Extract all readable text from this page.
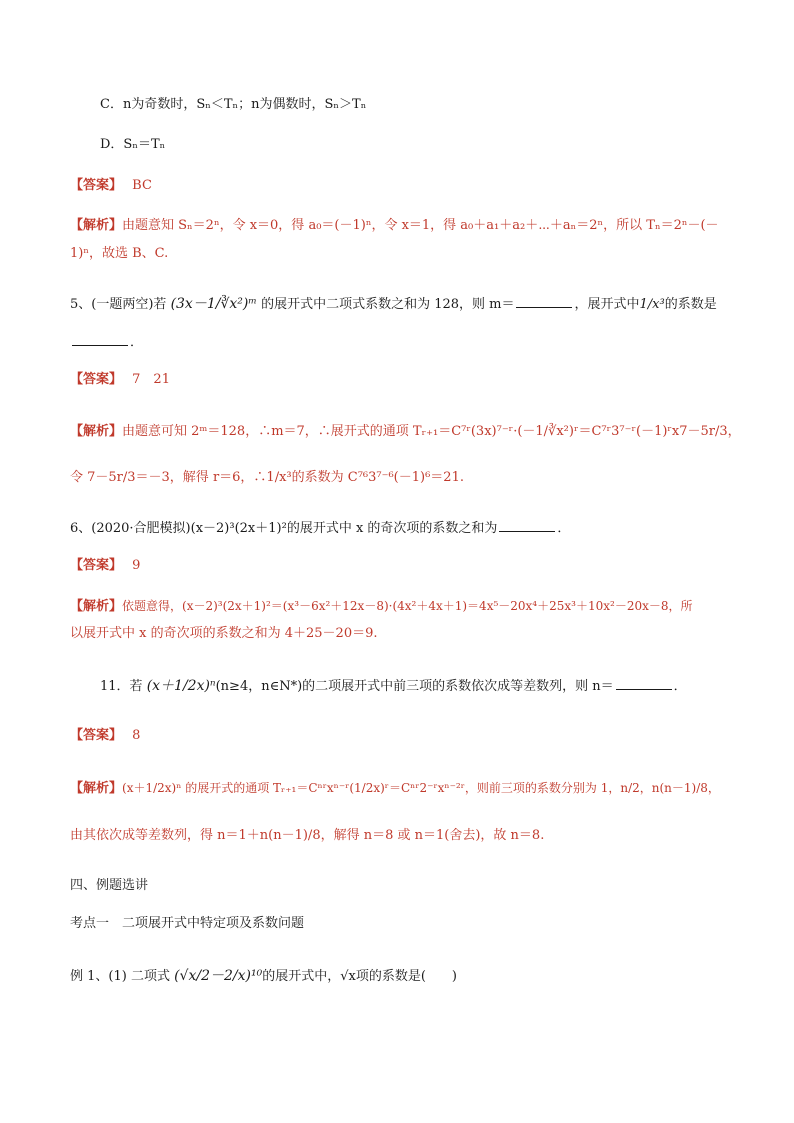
C．n为奇数时，Sₙ＜Tₙ；n为偶数时，Sₙ＞Tₙ
D．Sₙ＝Tₙ
【答案】 BC
【解析】由题意知 Sₙ＝2ⁿ，令 x＝0，得 a₀＝(－1)ⁿ，令 x＝1，得 a₀＋a₁＋a₂＋⋯＋aₙ＝2ⁿ，所以 Tₙ＝2ⁿ－(－
1)ⁿ，故选 B、C.
5、(一题两空)若 (3x－1/∛x²)ᵐ 的展开式中二项式系数之和为 128，则 m＝	，展开式中1/x³的系数是
．
【答案】 7　21
【解析】由题意可知 2ᵐ＝128，∴m＝7，∴展开式的通项 Tᵣ₊₁＝C⁷ʳ(3x)⁷⁻ʳ·(－1/∛x²)ʳ＝C⁷ʳ3⁷⁻ʳ(－1)ʳx7－5r/3，
令 7－5r/3＝－3，解得 r＝6，∴1/x³的系数为 C⁷⁶3⁷⁻⁶(－1)⁶＝21.
6、(2020·合肥模拟)(x－2)³(2x＋1)²的展开式中 x 的奇次项的系数之和为	．
【答案】 9
【解析】依题意得，(x－2)³(2x＋1)²＝(x³－6x²＋12x－8)·(4x²＋4x＋1)＝4x⁵－20x⁴＋25x³＋10x²－20x－8，所
以展开式中 x 的奇次项的系数之和为 4＋25－20＝9.
11．若 (x＋1/2x)ⁿ(n≥4，n∈N*)的二项展开式中前三项的系数依次成等差数列，则 n＝	．
【答案】 8
【解析】(x＋1/2x)ⁿ 的展开式的通项 Tᵣ₊₁＝Cⁿʳxⁿ⁻ʳ(1/2x)ʳ＝Cⁿʳ2⁻ʳxⁿ⁻²ʳ，则前三项的系数分别为 1，n/2，n(n－1)/8，
由其依次成等差数列，得 n＝1＋n(n－1)/8，解得 n＝8 或 n＝1(舍去)，故 n＝8.
四、例题选讲
考点一　二项展开式中特定项及系数问题
例 1、(1) 二项式 (√x/2－2/x)¹⁰的展开式中，√x项的系数是(　　)
